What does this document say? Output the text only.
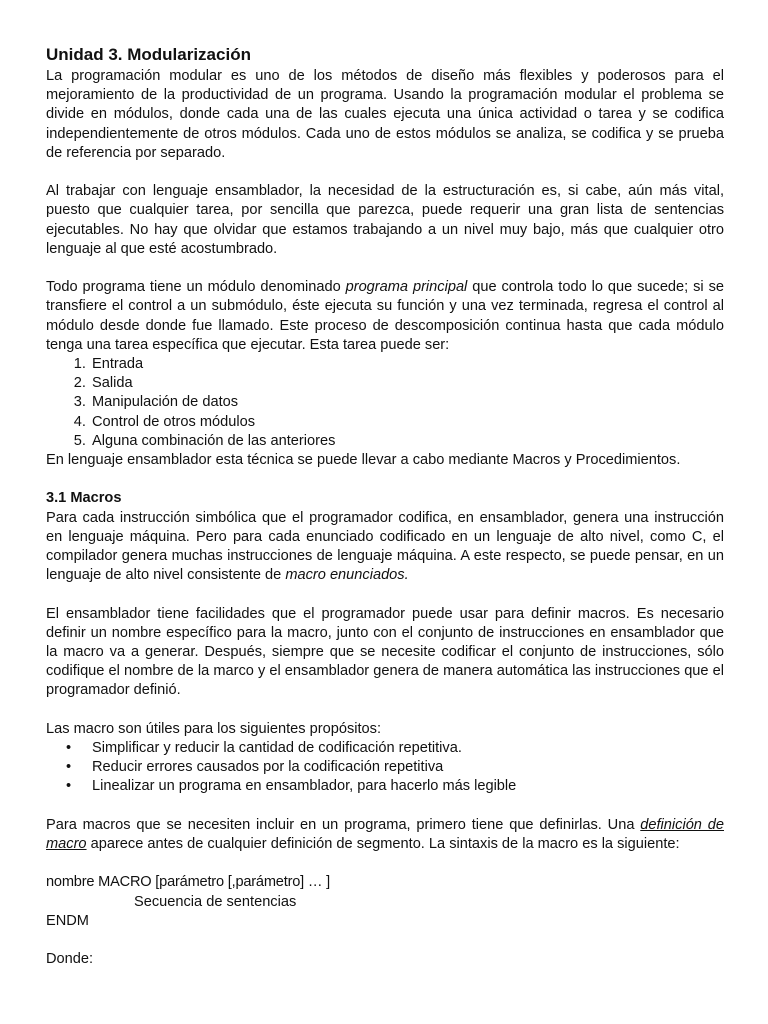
Unidad 3. Modularización

La programación modular es uno de los métodos de diseño más flexibles y poderosos para el mejoramiento de la productividad de un programa. Usando la programación modular el problema se divide en módulos, donde cada una de las cuales ejecuta una única actividad o tarea y se codifica independientemente de otros módulos. Cada uno de estos módulos se analiza, se codifica y se prueba de referencia por separado.

Al trabajar con lenguaje ensamblador, la necesidad de la estructuración es, si cabe, aún más vital, puesto que cualquier tarea, por sencilla que parezca, puede requerir una gran lista de sentencias ejecutables. No hay que olvidar que estamos trabajando a un nivel muy bajo, más que cualquier otro lenguaje al que esté acostumbrado.

Todo programa tiene un módulo denominado programa principal que controla todo lo que sucede; si se transfiere el control a un submódulo, éste ejecuta su función y una vez terminada, regresa el control al módulo desde donde fue llamado. Este proceso de descomposición continua hasta que cada módulo tenga una tarea específica que ejecutar. Esta tarea puede ser:

1. Entrada
2. Salida
3. Manipulación de datos
4. Control de otros módulos
5. Alguna combinación de las anteriores

En lenguaje ensamblador esta técnica se puede llevar a cabo mediante Macros y Procedimientos.

3.1 Macros

Para cada instrucción simbólica que el programador codifica, en ensamblador, genera una instrucción en lenguaje máquina. Pero para cada enunciado codificado en un lenguaje de alto nivel, como C, el compilador genera muchas instrucciones de lenguaje máquina. A este respecto, se puede pensar, en un lenguaje de alto nivel consistente de macro enunciados.

El ensamblador tiene facilidades que el programador puede usar para definir macros. Es necesario definir un nombre específico para la macro, junto con el conjunto de instrucciones en ensamblador que la macro va a generar. Después, siempre que se necesite codificar el conjunto de instrucciones, sólo codifique el nombre de la marco y el ensamblador genera de manera automática las instrucciones que el programador definió.

Las macro son útiles para los siguientes propósitos:

• Simplificar y reducir la cantidad de codificación repetitiva.
• Reducir errores causados por la codificación repetitiva
• Linealizar un programa en ensamblador, para hacerlo más legible

Para macros que se necesiten incluir en un programa, primero tiene que definirlas. Una definición de macro aparece antes de cualquier definición de segmento. La sintaxis de la macro es la siguiente:

nombre MACRO [parámetro [,parámetro] … ]
Secuencia de sentencias
ENDM
Donde:
